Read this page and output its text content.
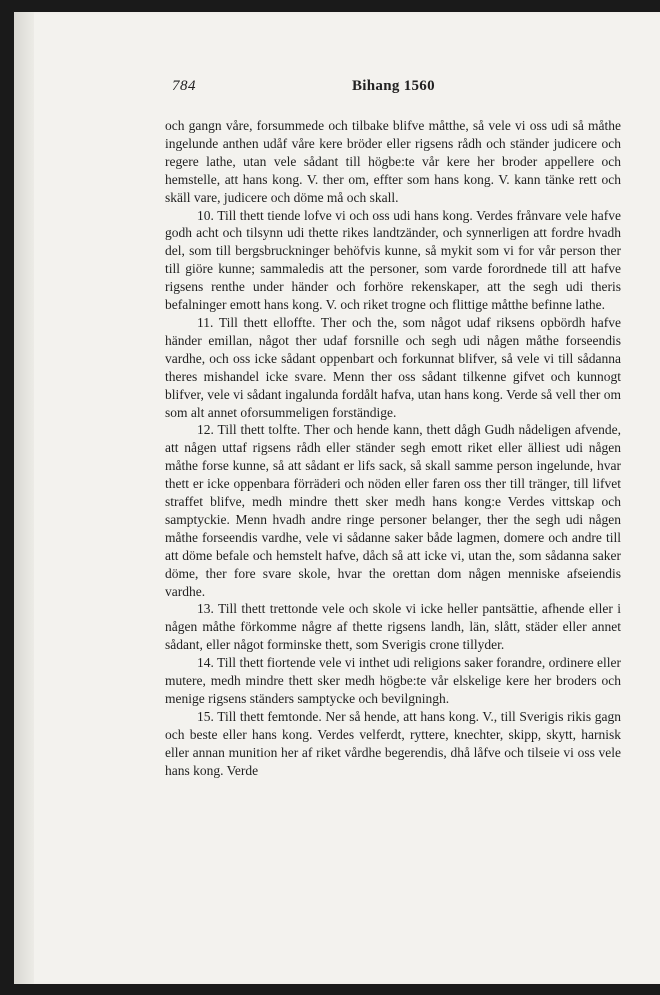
784	Bihang 1560

och gangn våre, forsummede och tilbake blifve måtthe, så vele vi oss udi så måthe ingelunde anthen udåf våre kere bröder eller rigsens rådh och ständer judicere och regere lathe, utan vele sådant till högbe:te vår kere her broder appellere och hemstelle, att hans kong. V. ther om, effter som hans kong. V. kann tänke rett och skäll vare, judicere och döme må och skall.

10. Till thett tiende lofve vi och oss udi hans kong. Verdes frånvare vele hafve godh acht och tilsynn udi thette rikes landtzänder, och synnerligen att fordre hvadh del, som till bergsbruckninger behöfvis kunne, så mykit som vi for vår person ther till giöre kunne; sammaledis att the personer, som varde forordnede till att hafve rigsens renthe under händer och forhöre rekenskaper, att the segh udi theris befalninger emott hans kong. V. och riket trogne och flittige måtthe befinne lathe.

11. Till thett elloffte. Ther och the, som något udaf riksens opbördh hafve händer emillan, något ther udaf forsnille och segh udi någen måthe forseendis vardhe, och oss icke sådant oppenbart och forkunnat blifver, så vele vi till sådanna theres mishandel icke svare. Menn ther oss sådant tilkenne gifvet och kunnogt blifver, vele vi sådant ingalunda fordålt hafva, utan hans kong. Verde så vell ther om som alt annet oforsummeligen forständige.

12. Till thett tolfte. Ther och hende kann, thett dågh Gudh nådeligen afvende, att någen uttaf rigsens rådh eller ständer segh emott riket eller älliest udi någen måthe forse kunne, så att sådant er lifs sack, så skall samme person ingelunde, hvar thett er icke oppenbara förräderi och nöden eller faren oss ther till tränger, till lifvet straffet blifve, medh mindre thett sker medh hans kong:e Verdes vittskap och samptyckie. Menn hvadh andre ringe personer belanger, ther the segh udi någen måthe forseendis vardhe, vele vi sådanne saker både lagmen, domere och andre till att döme befale och hemstelt hafve, dåch så att icke vi, utan the, som sådanna saker döme, ther fore svare skole, hvar the orettan dom någen menniske afseiendis vardhe.

13. Till thett trettonde vele och skole vi icke heller pantsättie, afhende eller i någen måthe förkomme någre af thette rigsens landh, län, slått, städer eller annet sådant, eller något forminske thett, som Sverigis crone tillyder.

14. Till thett fiortende vele vi inthet udi religions saker forandre, ordinere eller mutere, medh mindre thett sker medh högbe:te vår elskelige kere her broders och menige rigsens ständers samptycke och bevilgningh.

15. Till thett femtonde. Ner så hende, att hans kong. V., till Sverigis rikis gagn och beste eller hans kong. Verdes velferdt, ryttere, knechter, skipp, skytt, harnisk eller annan munition her af riket vårdhe begerendis, dhå låfve och tilseie vi oss vele hans kong. Verde
